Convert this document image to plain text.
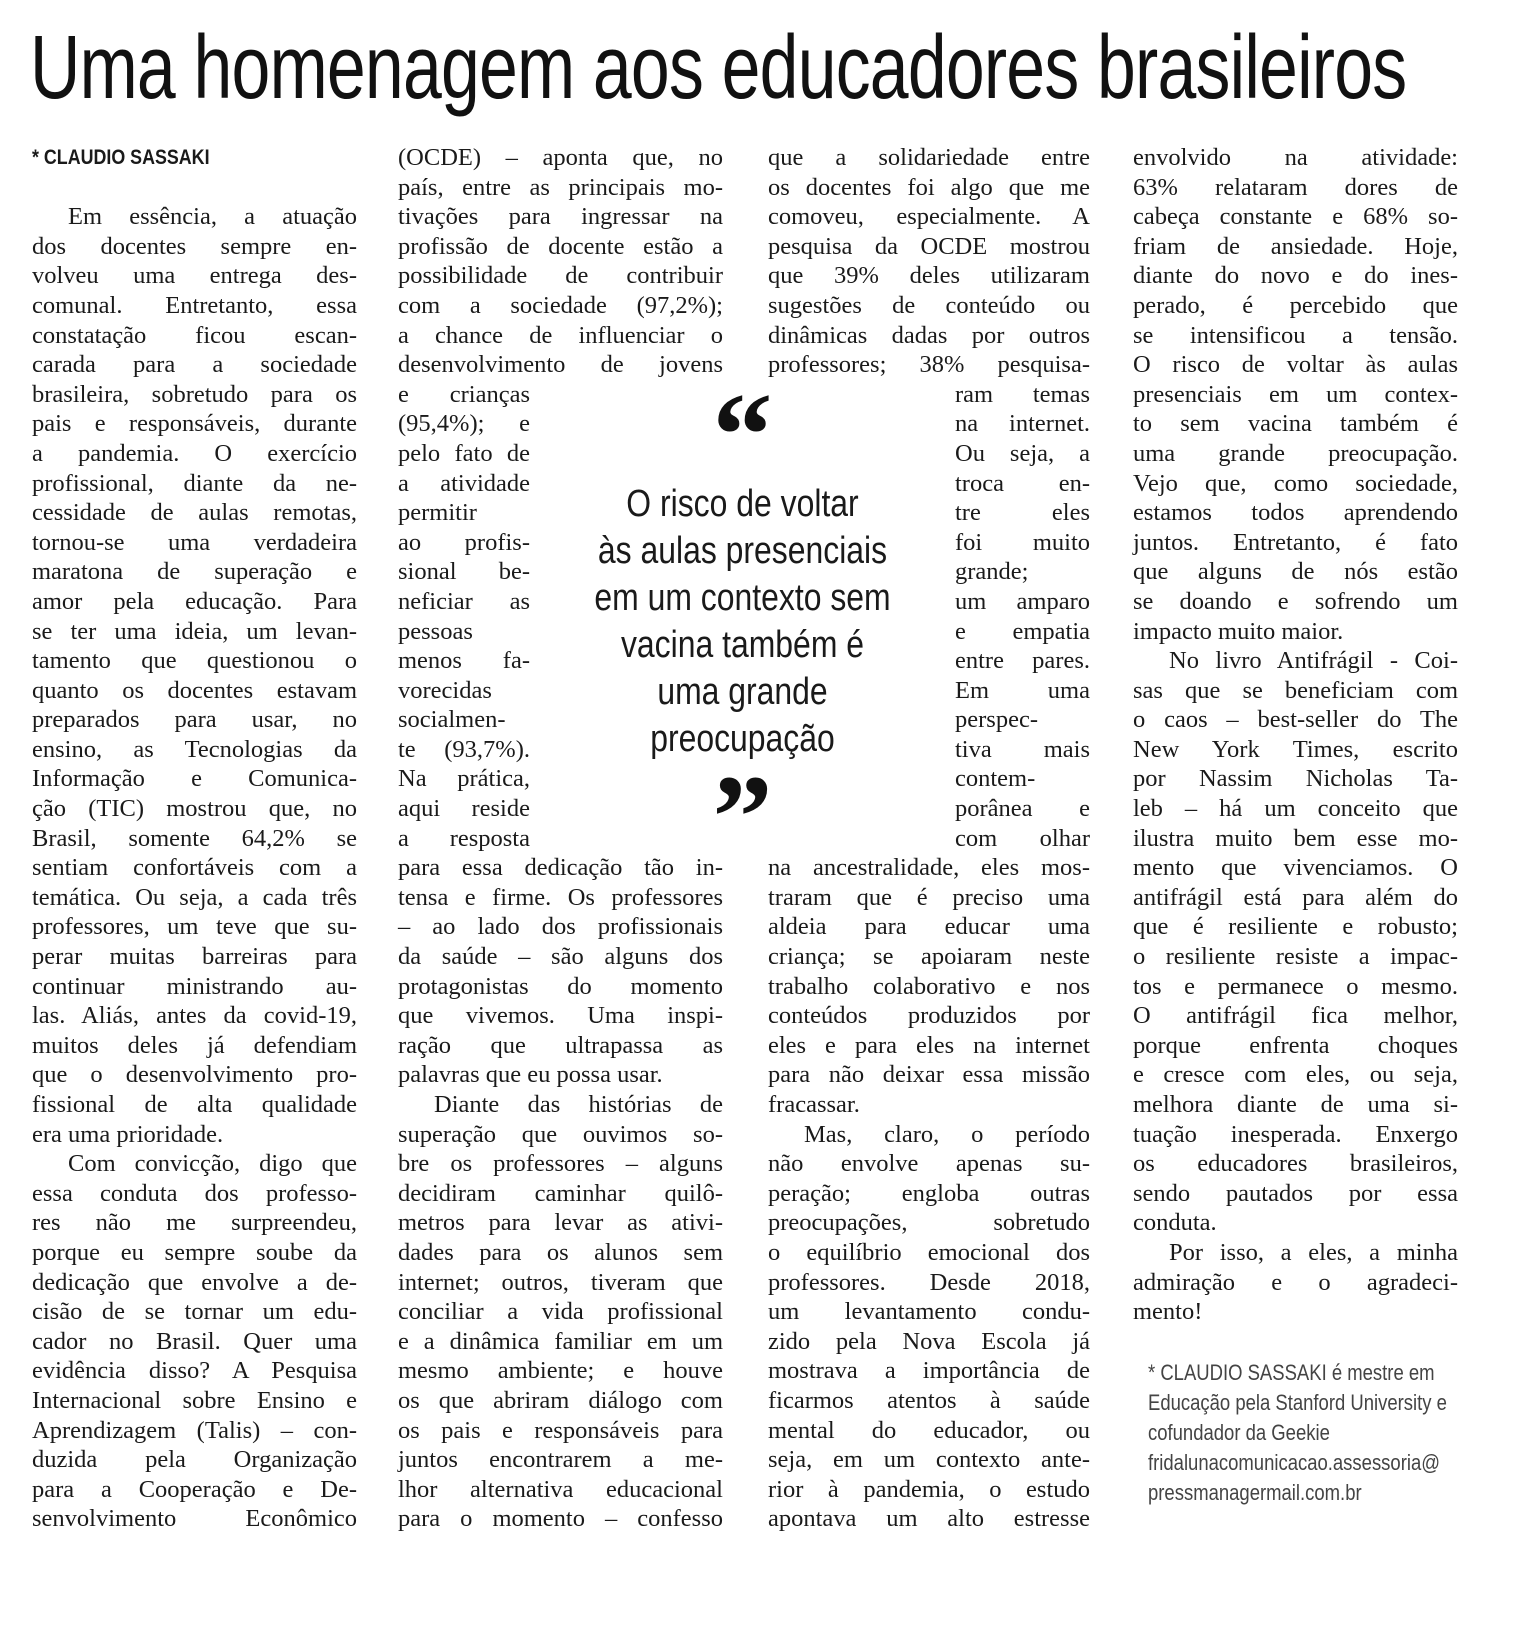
Uma homenagem aos educadores brasileiros
* CLAUDIO SASSAKI
Em essência, a atuação
dos docentes sempre en-
volveu uma entrega des-
comunal. Entretanto, essa
constatação ficou escan-
carada para a sociedade
brasileira, sobretudo para os
pais e responsáveis, durante
a pandemia. O exercício
profissional, diante da ne-
cessidade de aulas remotas,
tornou-se uma verdadeira
maratona de superação e
amor pela educação. Para
se ter uma ideia, um levan-
tamento que questionou o
quanto os docentes estavam
preparados para usar, no
ensino, as Tecnologias da
Informação e Comunica-
ção (TIC) mostrou que, no
Brasil, somente 64,2% se
sentiam confortáveis com a
temática. Ou seja, a cada três
professores, um teve que su-
perar muitas barreiras para
continuar ministrando au-
las. Aliás, antes da covid-19,
muitos deles já defendiam
que o desenvolvimento pro-
fissional de alta qualidade
era uma prioridade.
Com convicção, digo que
essa conduta dos professo-
res não me surpreendeu,
porque eu sempre soube da
dedicação que envolve a de-
cisão de se tornar um edu-
cador no Brasil. Quer uma
evidência disso? A Pesquisa
Internacional sobre Ensino e
Aprendizagem (Talis) – con-
duzida pela Organização
para a Cooperação e De-
senvolvimento Econômico
(OCDE) – aponta que, no
país, entre as principais mo-
tivações para ingressar na
profissão de docente estão a
possibilidade de contribuir
com a sociedade (97,2%);
a chance de influenciar o
desenvolvimento de jovens
e crianças
(95,4%); e
pelo fato de
a atividade
permitir
ao profis-
sional be-
neficiar as
pessoas
menos fa-
vorecidas
socialmen-
te (93,7%).
Na prática,
aqui reside
a resposta
para essa dedicação tão in-
tensa e firme. Os professores
– ao lado dos profissionais
da saúde – são alguns dos
protagonistas do momento
que vivemos. Uma inspi-
ração que ultrapassa as
palavras que eu possa usar.
Diante das histórias de
superação que ouvimos so-
bre os professores – alguns
decidiram caminhar quilô-
metros para levar as ativi-
dades para os alunos sem
internet; outros, tiveram que
conciliar a vida profissional
e a dinâmica familiar em um
mesmo ambiente; e houve
os que abriram diálogo com
os pais e responsáveis para
juntos encontrarem a me-
lhor alternativa educacional
para o momento – confesso
que a solidariedade entre
os docentes foi algo que me
comoveu, especialmente. A
pesquisa da OCDE mostrou
que 39% deles utilizaram
sugestões de conteúdo ou
dinâmicas dadas por outros
professores; 38% pesquisa-
ram temas
na internet.
Ou seja, a
troca en-
tre eles
foi muito
grande;
um amparo
e empatia
entre pares.
Em uma
perspec-
tiva mais
contem-
porânea e
com olhar
na ancestralidade, eles mos-
traram que é preciso uma
aldeia para educar uma
criança; se apoiaram neste
trabalho colaborativo e nos
conteúdos produzidos por
eles e para eles na internet
para não deixar essa missão
fracassar.
Mas, claro, o período
não envolve apenas su-
peração; engloba outras
preocupações, sobretudo
o equilíbrio emocional dos
professores. Desde 2018,
um levantamento condu-
zido pela Nova Escola já
mostrava a importância de
ficarmos atentos à saúde
mental do educador, ou
seja, em um contexto ante-
rior à pandemia, o estudo
apontava um alto estresse
envolvido na atividade:
63% relataram dores de
cabeça constante e 68% so-
friam de ansiedade. Hoje,
diante do novo e do ines-
perado, é percebido que
se intensificou a tensão.
O risco de voltar às aulas
presenciais em um contex-
to sem vacina também é
uma grande preocupação.
Vejo que, como sociedade,
estamos todos aprendendo
juntos. Entretanto, é fato
que alguns de nós estão
se doando e sofrendo um
impacto muito maior.
No livro Antifrágil - Coi-
sas que se beneficiam com
o caos – best-seller do The
New York Times, escrito
por Nassim Nicholas Ta-
leb – há um conceito que
ilustra muito bem esse mo-
mento que vivenciamos. O
antifrágil está para além do
que é resiliente e robusto;
o resiliente resiste a impac-
tos e permanece o mesmo.
O antifrágil fica melhor,
porque enfrenta choques
e cresce com eles, ou seja,
melhora diante de uma si-
tuação inesperada. Enxergo
os educadores brasileiros,
sendo pautados por essa
conduta.
Por isso, a eles, a minha
admiração e o agradeci-
mento!
“
O risco de voltar
às aulas presenciais
em um contexto sem
vacina também é
uma grande
preocupação
”
* CLAUDIO SASSAKI é mestre em
Educação pela Stanford University e
cofundador da Geekie
fridalunacomunicacao.assessoria@
pressmanagermail.com.br
